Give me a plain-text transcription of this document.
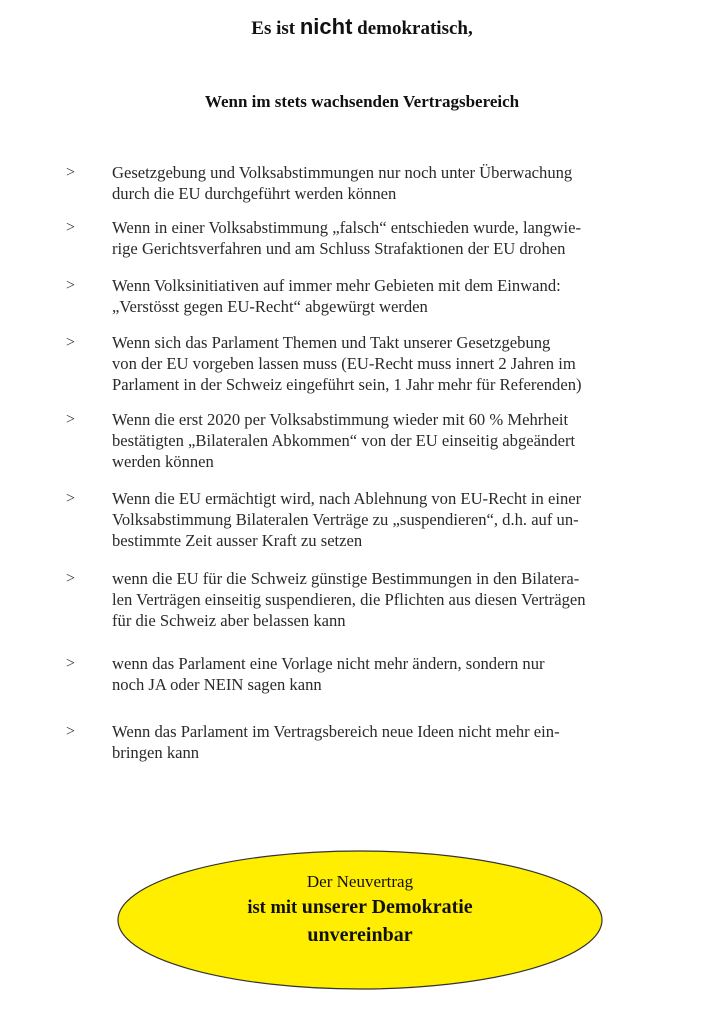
Es ist nicht demokratisch,
Wenn im stets wachsenden Vertragsbereich
> Gesetzgebung und Volksabstimmungen nur noch unter Überwachung
durch die EU durchgeführt werden können
> Wenn in einer Volksabstimmung „falsch“ entschieden wurde, langwie-
rige Gerichtsverfahren und am Schluss Strafaktionen der EU drohen
> Wenn Volksinitiativen auf immer mehr Gebieten mit dem Einwand:
„Verstösst gegen EU-Recht“ abgewürgt werden
> Wenn sich das Parlament Themen und Takt unserer Gesetzgebung
von der EU vorgeben lassen muss (EU-Recht muss innert 2 Jahren im
Parlament in der Schweiz eingeführt sein, 1 Jahr mehr für Referenden)
> Wenn die erst 2020 per Volksabstimmung wieder mit 60 % Mehrheit
bestätigten „Bilateralen Abkommen“ von der EU einseitig abgeändert
werden können
> Wenn die EU ermächtigt wird, nach Ablehnung von EU-Recht in einer
Volksabstimmung Bilateralen Verträge zu „suspendieren“, d.h. auf un-
bestimmte Zeit ausser Kraft zu setzen
> wenn die EU für die Schweiz günstige Bestimmungen in den Bilatera-
len Verträgen einseitig suspendieren, die Pflichten aus diesen Verträgen
für die Schweiz aber belassen kann
> wenn das Parlament eine Vorlage nicht mehr ändern, sondern nur
noch JA oder NEIN sagen kann
> Wenn das Parlament im Vertragsbereich neue Ideen nicht mehr ein-
bringen kann
Der Neuvertrag
ist mit unserer Demokratie
unvereinbar
